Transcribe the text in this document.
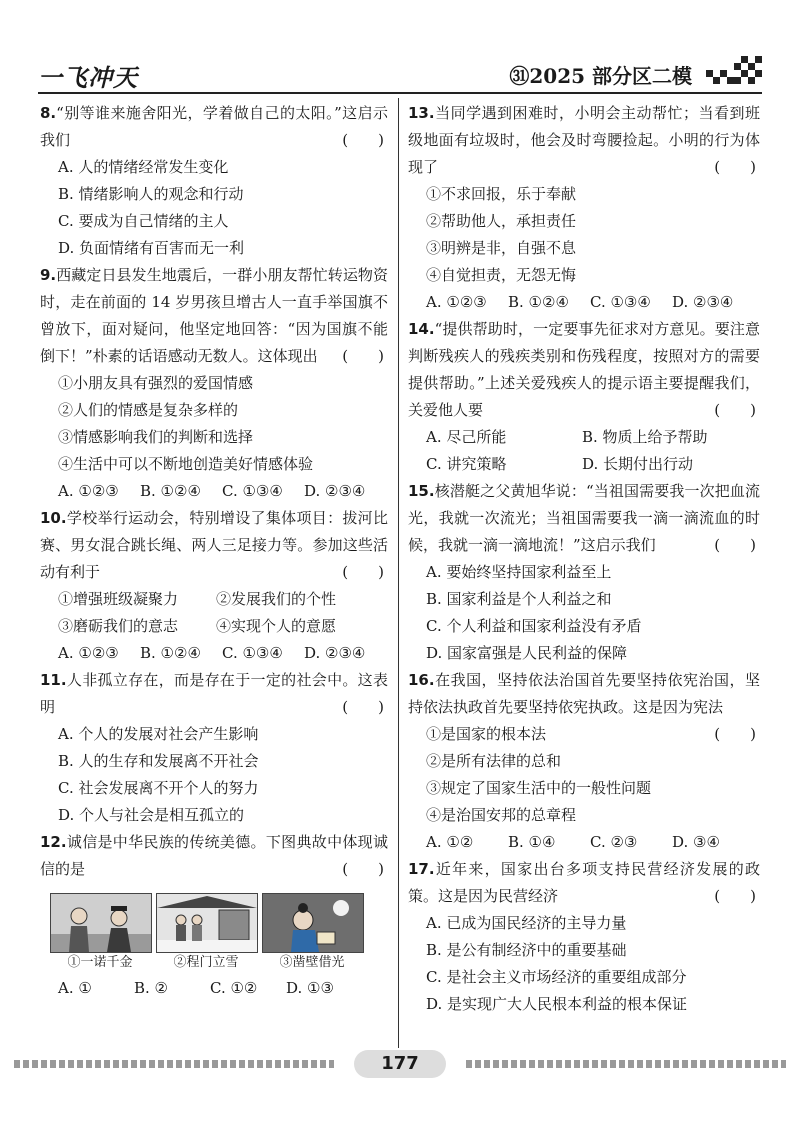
一飞冲天	㉛2025 部分区二模
8.“别等谁来施舍阳光，学着做自己的太阳。”这启示我们	(　　)
A. 人的情绪经常发生变化
B. 情绪影响人的观念和行动
C. 要成为自己情绪的主人
D. 负面情绪有百害而无一利
9.西藏定日县发生地震后，一群小朋友帮忙转运物资时，走在前面的 14 岁男孩旦增古人一直手举国旗不曾放下，面对疑问，他坚定地回答：“因为国旗不能倒下！”朴素的话语感动无数人。这体现出 (　　)
①小朋友具有强烈的爱国情感
②人们的情感是复杂多样的
③情感影响我们的判断和选择
④生活中可以不断地创造美好情感体验
A. ①②③ B. ①②④ C. ①③④ D. ②③④
10.学校举行运动会，特别增设了集体项目：拔河比赛、男女混合跳长绳、两人三足接力等。参加这些活动有利于	(　　)
①增强班级凝聚力	②发展我们的个性
③磨砺我们的意志	④实现个人的意愿
A. ①②③ B. ①②④ C. ①③④ D. ②③④
11.人非孤立存在，而是存在于一定的社会中。这表明	(　　)
A. 个人的发展对社会产生影响
B. 人的生存和发展离不开社会
C. 社会发展离不开个人的努力
D. 个人与社会是相互孤立的
12.诚信是中华民族的传统美德。下图典故中体现诚信的是	(　　)
①一诺千金	②程门立雪	③凿壁借光
A. ①	B. ②	C. ①② D. ①③
13.当同学遇到困难时，小明会主动帮忙；当看到班级地面有垃圾时，他会及时弯腰捡起。小明的行为体现了	(　　)
①不求回报，乐于奉献
②帮助他人，承担责任
③明辨是非，自强不息
④自觉担责，无怨无悔
A. ①②③ B. ①②④ C. ①③④ D. ②③④
14.“提供帮助时，一定要事先征求对方意见。要注意判断残疾人的残疾类别和伤残程度，按照对方的需要提供帮助。”上述关爱残疾人的提示语主要提醒我们，关爱他人要	(　　)
A. 尽己所能	B. 物质上给予帮助
C. 讲究策略	D. 长期付出行动
15.核潜艇之父黄旭华说：“当祖国需要我一次把血流光，我就一次流光；当祖国需要我一滴一滴流血的时候，我就一滴一滴地流！”这启示我们	(　　)
A. 要始终坚持国家利益至上
B. 国家利益是个人利益之和
C. 个人利益和国家利益没有矛盾
D. 国家富强是人民利益的保障
16.在我国，坚持依法治国首先要坚持依宪治国，坚持依法执政首先要坚持依宪执政。这是因为宪法
(　　)
①是国家的根本法
②是所有法律的总和
③规定了国家生活中的一般性问题
④是治国安邦的总章程
A. ①② B. ①④ C. ②③ D. ③④
17.近年来，国家出台多项支持民营经济发展的政策。这是因为民营经济	(　　)
A. 已成为国民经济的主导力量
B. 是公有制经济中的重要基础
C. 是社会主义市场经济的重要组成部分
D. 是实现广大人民根本利益的根本保证
177
